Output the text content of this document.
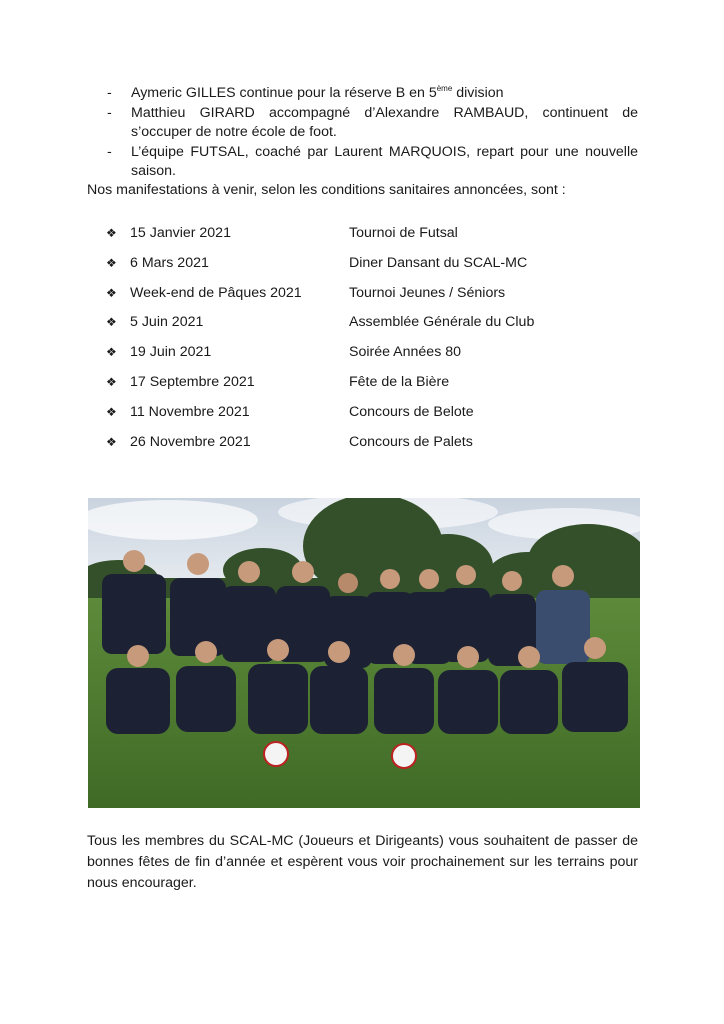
- Aymeric GILLES continue pour la réserve B en 5ème division
- Matthieu GIRARD accompagné d’Alexandre RAMBAUD, continuent de s’occuper de notre école de foot.
- L’équipe FUTSAL, coaché par Laurent MARQUOIS, repart pour une nouvelle saison.

Nos manifestations à venir, selon les conditions sanitaires annoncées, sont :

❖ 15 Janvier 2021	Tournoi de Futsal
❖ 6 Mars 2021	Diner Dansant du SCAL-MC
❖ Week-end de Pâques 2021	Tournoi Jeunes / Séniors
❖ 5 Juin 2021	Assemblée Générale du Club
❖ 19 Juin 2021	Soirée Années 80
❖ 17 Septembre 2021	Fête de la Bière
❖ 11 Novembre 2021	Concours de Belote
❖ 26 Novembre 2021	Concours de Palets

Tous les membres du SCAL-MC (Joueurs et Dirigeants) vous souhaitent de passer de bonnes fêtes de fin d’année et espèrent vous voir prochainement sur les terrains pour nous encourager.
